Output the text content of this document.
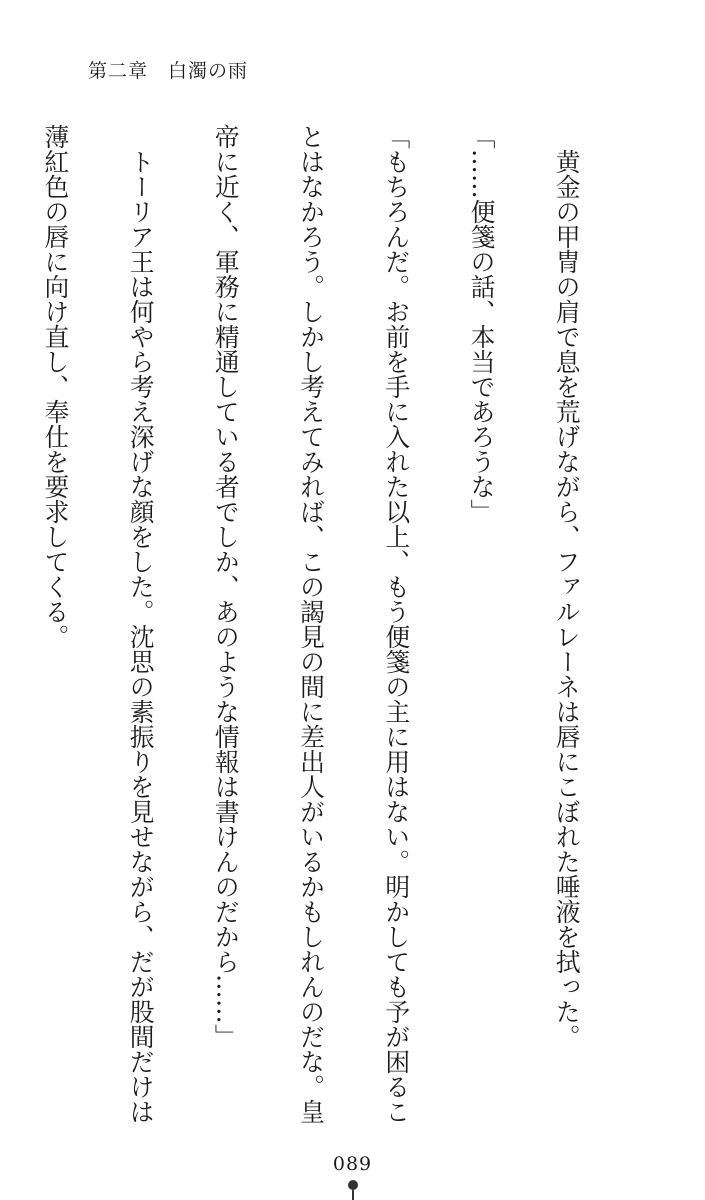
第二章　白濁の雨

　黄金の甲冑の肩で息を荒げながら、ファルレーネは唇にこぼれた唾液を拭った。

「……便箋の話、本当であろうな」

「もちろんだ。お前を手に入れた以上、もう便箋の主に用はない。明かしても予が困るこ

とはなかろう。しかし考えてみれば、この謁見の間に差出人がいるかもしれんのだな。皇

帝に近く、軍務に精通している者でしか、あのような情報は書けんのだから……」

　トーリア王は何やら考え深げな顔をした。沈思の素振りを見せながら、だが股間だけは

薄紅色の唇に向け直し、奉仕を要求してくる。

089
